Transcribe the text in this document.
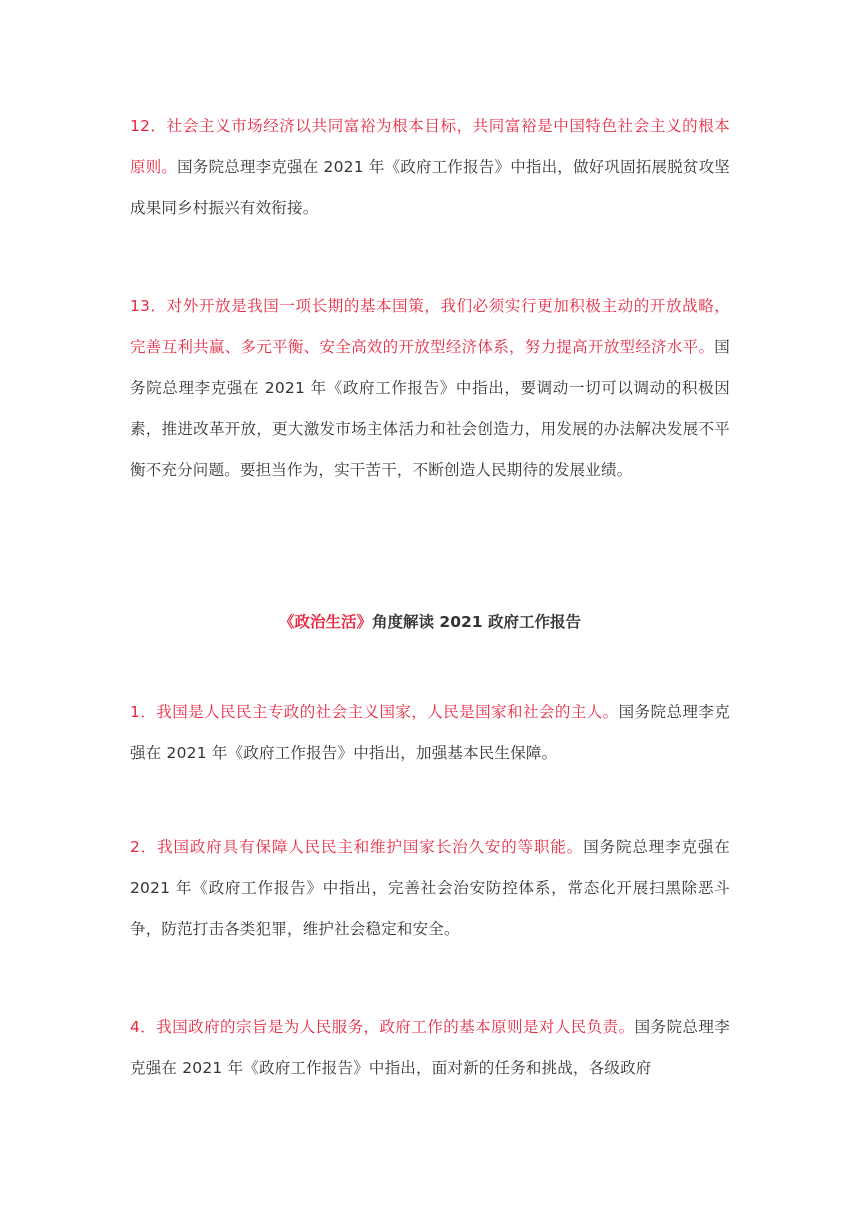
12．社会主义市场经济以共同富裕为根本目标，共同富裕是中国特色社会主义的根本原则。国务院总理李克强在 2021 年《政府工作报告》中指出，做好巩固拓展脱贫攻坚成果同乡村振兴有效衔接。

13．对外开放是我国一项长期的基本国策，我们必须实行更加积极主动的开放战略，完善互利共赢、多元平衡、安全高效的开放型经济体系，努力提高开放型经济水平。国务院总理李克强在 2021 年《政府工作报告》中指出，要调动一切可以调动的积极因素，推进改革开放，更大激发市场主体活力和社会创造力，用发展的办法解决发展不平衡不充分问题。要担当作为，实干苦干，不断创造人民期待的发展业绩。

《政治生活》角度解读 2021 政府工作报告

1．我国是人民民主专政的社会主义国家，人民是国家和社会的主人。国务院总理李克强在 2021 年《政府工作报告》中指出，加强基本民生保障。

2．我国政府具有保障人民民主和维护国家长治久安的等职能。国务院总理李克强在 2021 年《政府工作报告》中指出，完善社会治安防控体系，常态化开展扫黑除恶斗争，防范打击各类犯罪，维护社会稳定和安全。

4．我国政府的宗旨是为人民服务，政府工作的基本原则是对人民负责。国务院总理李克强在 2021 年《政府工作报告》中指出，面对新的任务和挑战，各级政府
